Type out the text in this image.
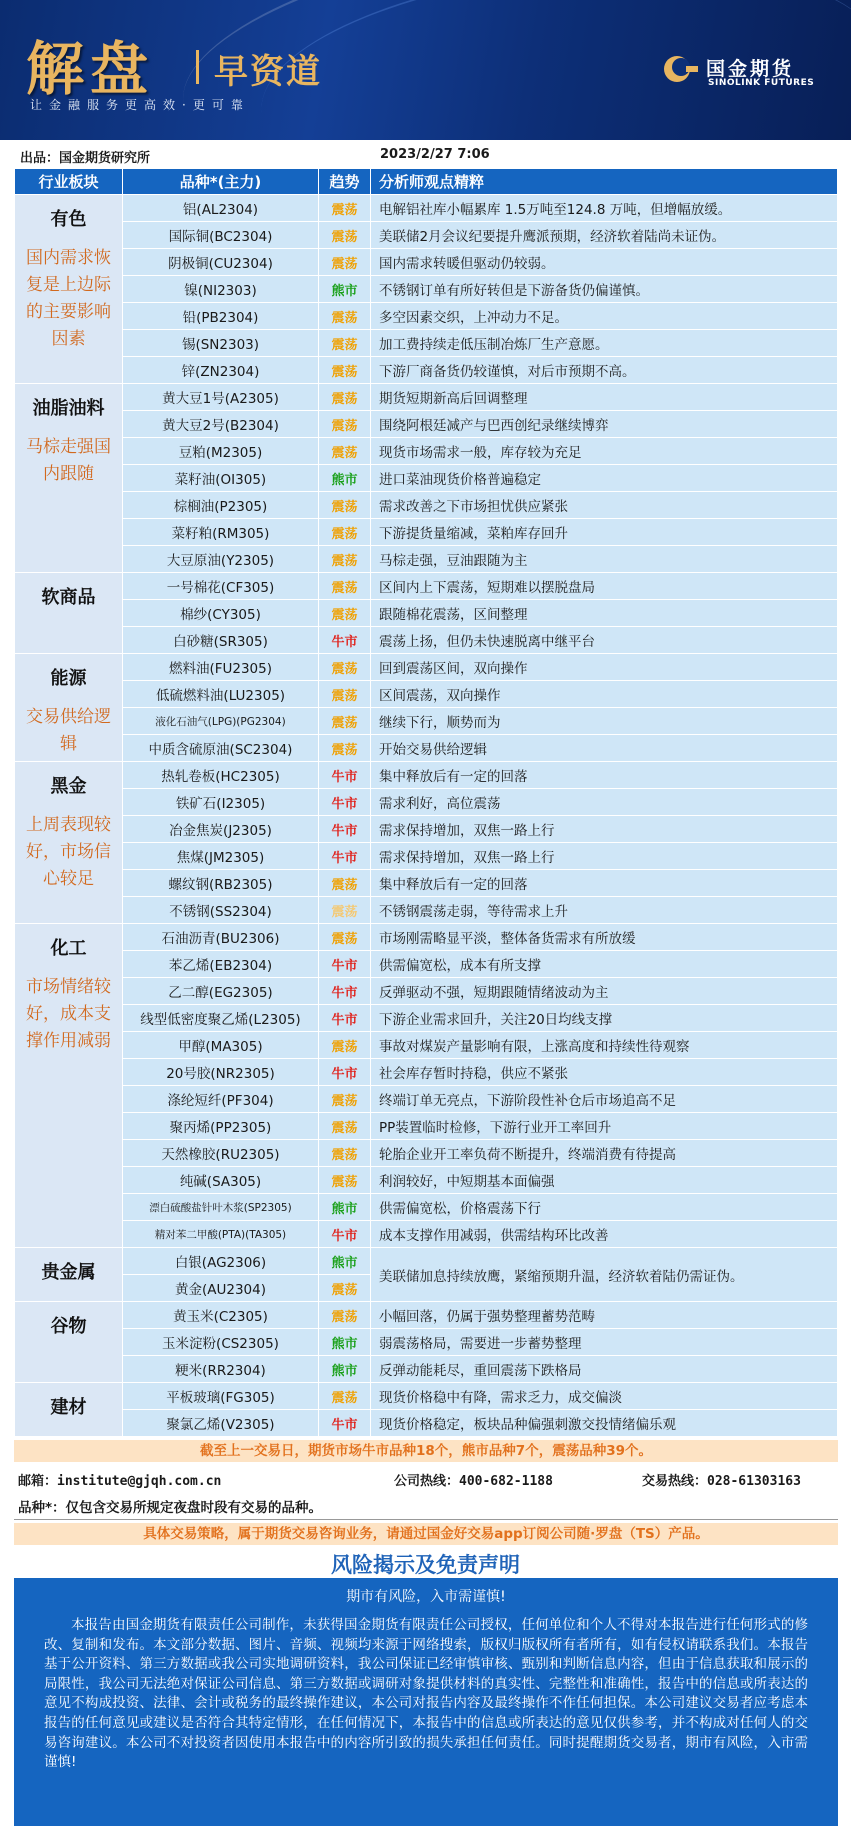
解盘 早资道
让金融服务更高效·更可靠
国金期货
SINOLINK FUTURES
出品：国金期货研究所	2023/2/27 7:06
行业板块	品种*(主力)	趋势	分析师观点精粹

有色
国内需求恢复是上边际的主要影响因素	铝(AL2304)	震荡	电解铝社库小幅累库 1.5万吨至124.8 万吨，但增幅放缓。
	国际铜(BC2304)	震荡	美联储2月会议纪要提升鹰派预期，经济软着陆尚未证伪。
	阴极铜(CU2304)	震荡	国内需求转暖但驱动仍较弱。
	镍(NI2303)	熊市	不锈钢订单有所好转但是下游备货仍偏谨慎。
	铅(PB2304)	震荡	多空因素交织，上冲动力不足。
	锡(SN2303)	震荡	加工费持续走低压制冶炼厂生产意愿。
	锌(ZN2304)	震荡	下游厂商备货仍较谨慎，对后市预期不高。

油脂油料
马棕走强国内跟随	黄大豆1号(A2305)	震荡	期货短期新高后回调整理
	黄大豆2号(B2304)	震荡	围绕阿根廷减产与巴西创纪录继续博弈
	豆粕(M2305)	震荡	现货市场需求一般，库存较为充足
	菜籽油(OI305)	熊市	进口菜油现货价格普遍稳定
	棕榈油(P2305)	震荡	需求改善之下市场担忧供应紧张
	菜籽粕(RM305)	震荡	下游提货量缩减，菜粕库存回升
	大豆原油(Y2305)	震荡	马棕走强，豆油跟随为主

软商品	一号棉花(CF305)	震荡	区间内上下震荡，短期难以摆脱盘局
	棉纱(CY305)	震荡	跟随棉花震荡，区间整理
	白砂糖(SR305)	牛市	震荡上扬，但仍未快速脱离中继平台

能源
交易供给逻辑	燃料油(FU2305)	震荡	回到震荡区间，双向操作
	低硫燃料油(LU2305)	震荡	区间震荡，双向操作
	液化石油气(LPG)(PG2304)	震荡	继续下行，顺势而为
	中质含硫原油(SC2304)	震荡	开始交易供给逻辑

黑金
上周表现较好，市场信心较足	热轧卷板(HC2305)	牛市	集中释放后有一定的回落
	铁矿石(I2305)	牛市	需求利好，高位震荡
	冶金焦炭(J2305)	牛市	需求保持增加，双焦一路上行
	焦煤(JM2305)	牛市	需求保持增加，双焦一路上行
	螺纹钢(RB2305)	震荡	集中释放后有一定的回落
	不锈钢(SS2304)	震荡	不锈钢震荡走弱，等待需求上升

化工
市场情绪较好，成本支撑作用减弱	石油沥青(BU2306)	震荡	市场刚需略显平淡，整体备货需求有所放缓
	苯乙烯(EB2304)	牛市	供需偏宽松，成本有所支撑
	乙二醇(EG2305)	牛市	反弹驱动不强，短期跟随情绪波动为主
	线型低密度聚乙烯(L2305)	牛市	下游企业需求回升，关注20日均线支撑
	甲醇(MA305)	震荡	事故对煤炭产量影响有限，上涨高度和持续性待观察
	20号胶(NR2305)	牛市	社会库存暂时持稳，供应不紧张
	涤纶短纤(PF304)	震荡	终端订单无亮点，下游阶段性补仓后市场追高不足
	聚丙烯(PP2305)	震荡	PP装置临时检修，下游行业开工率回升
	天然橡胶(RU2305)	震荡	轮胎企业开工率负荷不断提升，终端消费有待提高
	纯碱(SA305)	震荡	利润较好，中短期基本面偏强
	漂白硫酸盐针叶木浆(SP2305)	熊市	供需偏宽松，价格震荡下行
	精对苯二甲酸(PTA)(TA305)	牛市	成本支撑作用减弱，供需结构环比改善

贵金属	白银(AG2306)	熊市	美联储加息持续放鹰，紧缩预期升温，经济软着陆仍需证伪。
	黄金(AU2304)	震荡	

谷物	黄玉米(C2305)	震荡	小幅回落，仍属于强势整理蓄势范畴
	玉米淀粉(CS2305)	熊市	弱震荡格局，需要进一步蓄势整理
	粳米(RR2304)	熊市	反弹动能耗尽，重回震荡下跌格局

建材	平板玻璃(FG305)	震荡	现货价格稳中有降，需求乏力，成交偏淡
	聚氯乙烯(V2305)	牛市	现货价格稳定，板块品种偏强刺激交投情绪偏乐观
截至上一交易日，期货市场牛市品种18个，熊市品种7个，震荡品种39个。
邮箱：institute@gjqh.com.cn	公司热线：400-682-1188	交易热线：028-61303163
品种*：仅包含交易所规定夜盘时段有交易的品种。
具体交易策略，属于期货交易咨询业务，请通过国金好交易app订阅公司随·罗盘（TS）产品。
风险揭示及免责声明
期市有风险，入市需谨慎!
本报告由国金期货有限责任公司制作，未获得国金期货有限责任公司授权，任何单位和个人不得对本报告进行任何形式的修改、复制和发布。本文部分数据、图片、音频、视频均来源于网络搜索，版权归版权所有者所有，如有侵权请联系我们。本报告基于公开资料、第三方数据或我公司实地调研资料，我公司保证已经审慎审核、甄别和判断信息内容，但由于信息获取和展示的局限性，我公司无法绝对保证公司信息、第三方数据或调研对象提供材料的真实性、完整性和准确性，报告中的信息或所表达的意见不构成投资、法律、会计或税务的最终操作建议，本公司对报告内容及最终操作不作任何担保。本公司建议交易者应考虑本报告的任何意见或建议是否符合其特定情形，在任何情况下，本报告中的信息或所表达的意见仅供参考，并不构成对任何人的交易咨询建议。本公司不对投资者因使用本报告中的内容所引致的损失承担任何责任。同时提醒期货交易者，期市有风险，入市需谨慎!
